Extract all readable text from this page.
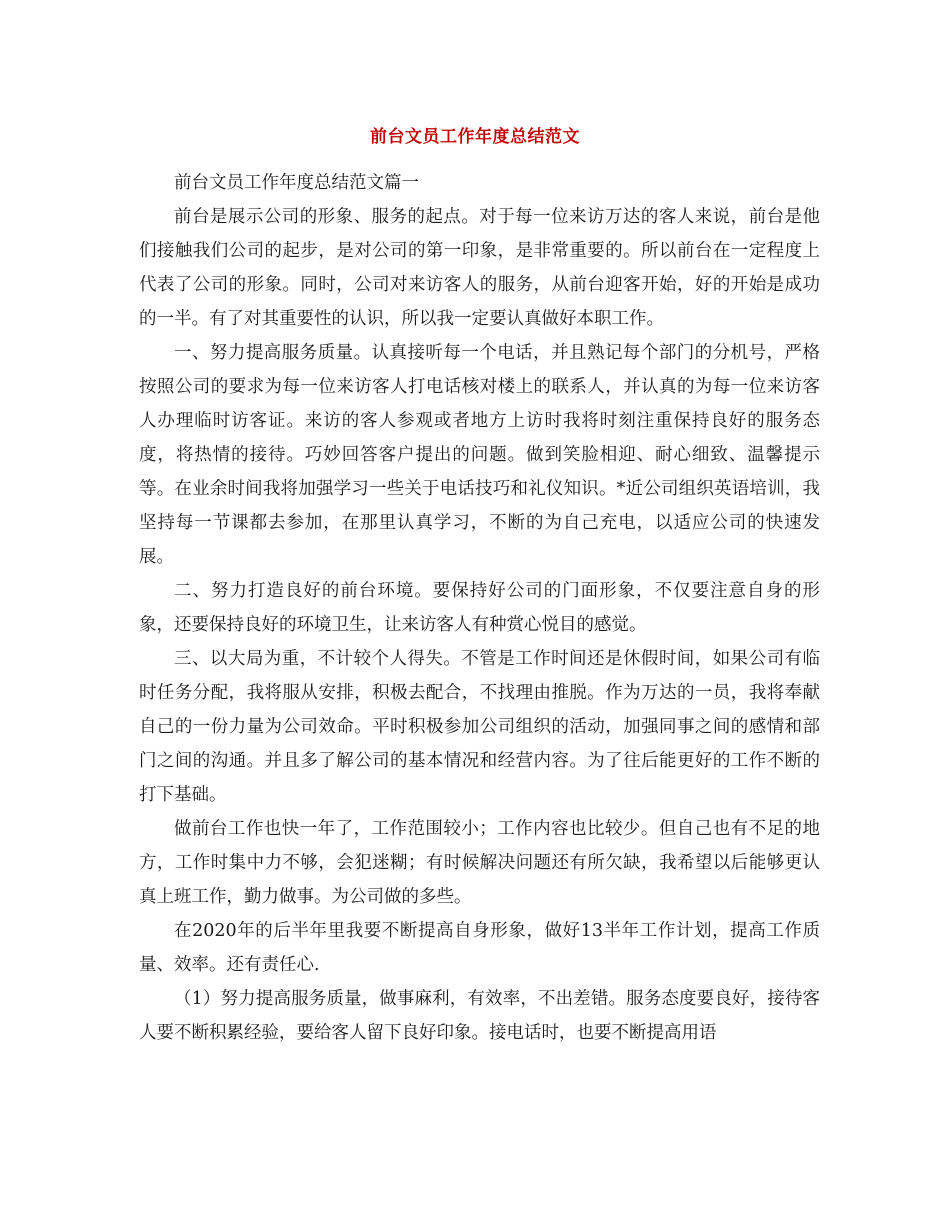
前台文员工作年度总结范文

前台文员工作年度总结范文篇一

前台是展示公司的形象、服务的起点。对于每一位来访万达的客人来说，前台是他们接触我们公司的起步，是对公司的第一印象，是非常重要的。所以前台在一定程度上代表了公司的形象。同时，公司对来访客人的服务，从前台迎客开始，好的开始是成功的一半。有了对其重要性的认识，所以我一定要认真做好本职工作。

一、努力提高服务质量。认真接听每一个电话，并且熟记每个部门的分机号，严格按照公司的要求为每一位来访客人打电话核对楼上的联系人，并认真的为每一位来访客人办理临时访客证。来访的客人参观或者地方上访时我将时刻注重保持良好的服务态度，将热情的接待。巧妙回答客户提出的问题。做到笑脸相迎、耐心细致、温馨提示等。在业余时间我将加强学习一些关于电话技巧和礼仪知识。*近公司组织英语培训，我坚持每一节课都去参加，在那里认真学习，不断的为自己充电，以适应公司的快速发展。

二、努力打造良好的前台环境。要保持好公司的门面形象，不仅要注意自身的形象，还要保持良好的环境卫生，让来访客人有种赏心悦目的感觉。

三、以大局为重，不计较个人得失。不管是工作时间还是休假时间，如果公司有临时任务分配，我将服从安排，积极去配合，不找理由推脱。作为万达的一员，我将奉献自己的一份力量为公司效命。平时积极参加公司组织的活动，加强同事之间的感情和部门之间的沟通。并且多了解公司的基本情况和经营内容。为了往后能更好的工作不断的打下基础。

做前台工作也快一年了，工作范围较小；工作内容也比较少。但自己也有不足的地方，工作时集中力不够，会犯迷糊；有时候解决问题还有所欠缺，我希望以后能够更认真上班工作，勤力做事。为公司做的多些。

在2020年的后半年里我要不断提高自身形象，做好13半年工作计划，提高工作质量、效率。还有责任心.

（1）努力提高服务质量，做事麻利，有效率，不出差错。服务态度要良好，接待客人要不断积累经验，要给客人留下良好印象。接电话时，也要不断提高用语
